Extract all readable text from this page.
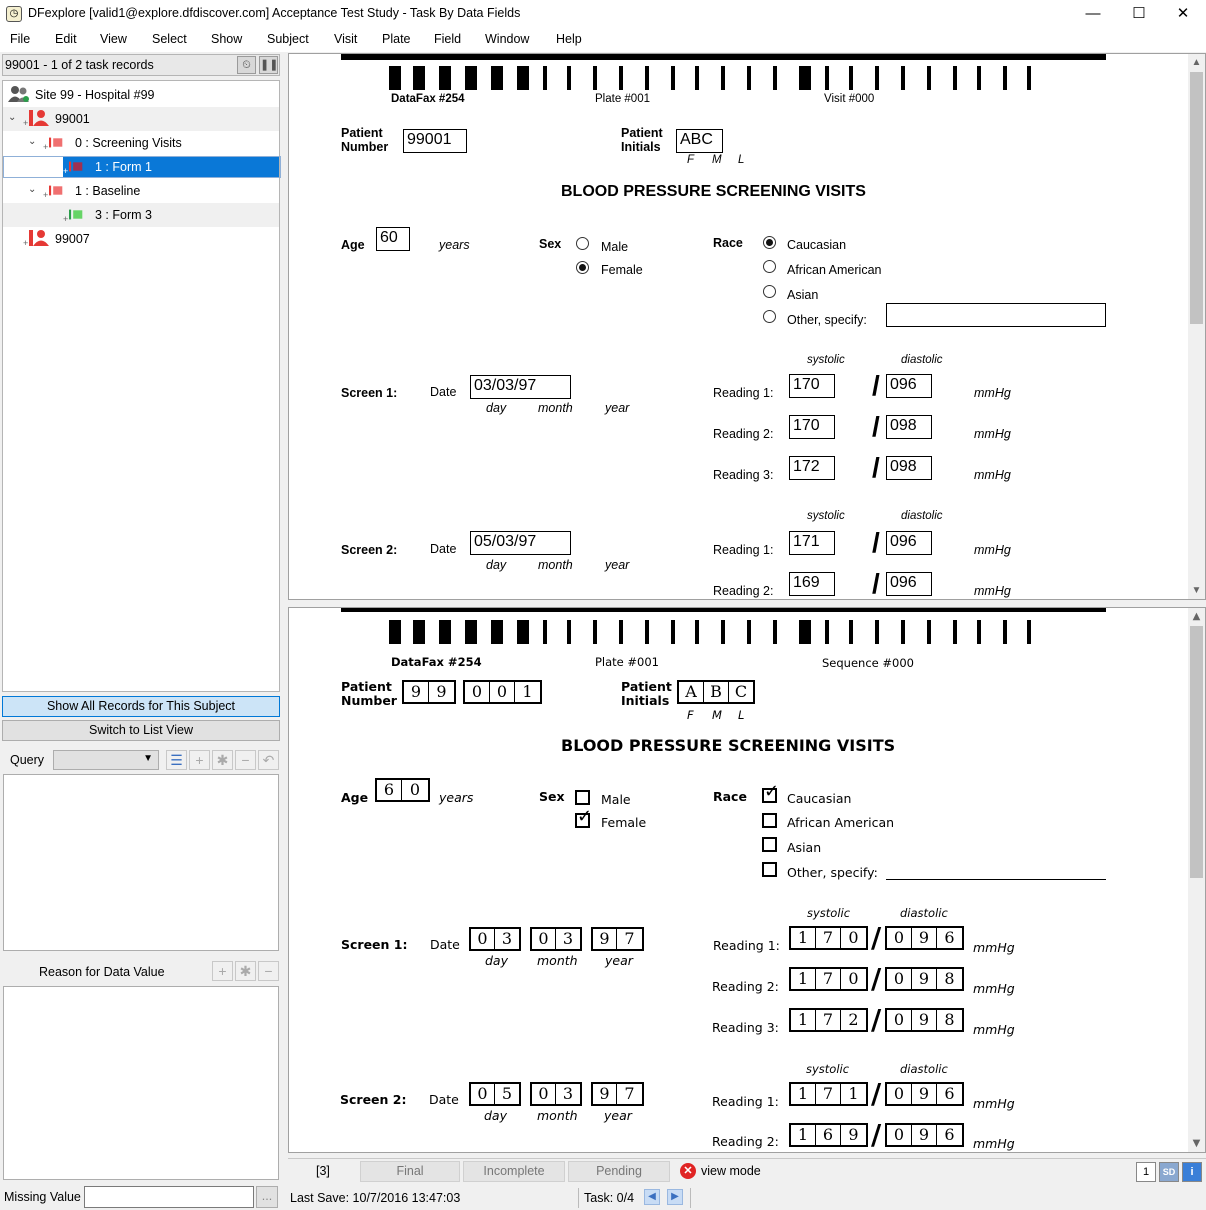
◷ DFexplore [valid1@explore.dfdiscover.com] Acceptance Test Study - Task By Data Fields	—	☐	✕
File Edit View Select Show Subject Visit Plate Field Window Help
99001 - 1 of 2 task records	⏲ ❚❚
Site 99 - Hospital #99
⌄ + 99001
⌄ + 0 : Screening Visits
+ 1 : Form 1
⌄ + 1 : Baseline
+ 3 : Form 3
+ 99007
Show All Records for This Subject
Switch to List View
Query	▼	☰ + ✱ − ↶
Reason for Data Value	+ ✱ −
Missing Value	...
DataFax #254	Plate #001	Visit #000
Patient
Number 99001	Patient
Initials ABC
F M L
BLOOD PRESSURE SCREENING VISITS
Age 60	years	Sex	Male
Female
Race	Caucasian
African American
Asian
Other, specify:
systolic	diastolic
Screen 1:	Date 03/03/97
day	month	year
Reading 1: 170	/ 096	mmHg
Reading 2: 170	/ 098	mmHg
Reading 3: 172	/ 098	mmHg
systolic	diastolic
Screen 2:	Date 05/03/97
day	month	year
Reading 1: 171	/ 096	mmHg
Reading 2: 169	/ 096	mmHg
▲
▼
DataFax #254	Plate #001	Sequence #000
Patient
Number 9 9	0 0 1	Patient
Initials A B C
F M L
BLOOD PRESSURE SCREENING VISITS
Age 6 0	years	Sex	Male
✓ Female
Race ✓ Caucasian
African American
Asian
Other, specify:
systolic	diastolic
Screen 1: Date	0 3	0 3	9 7
day month year
Reading 1:	1 7 0 / 0 9 6
mmHg
Reading 2:	1 7 0 / 0 9 8
mmHg
Reading 3:	1 7 2 / 0 9 8
mmHg
systolic	diastolic
Screen 2: Date	0 5	0 3	9 7
day month year
Reading 1:	1 7 1 / 0 9 6
mmHg
Reading 2:	1 6 9 / 0 9 6	mmHg
▲
▼
[3]	Final	Incomplete	Pending	✕ view mode	1	SD	i
Last Save: 10/7/2016 13:47:03	Task: 0/4	◀	▶
